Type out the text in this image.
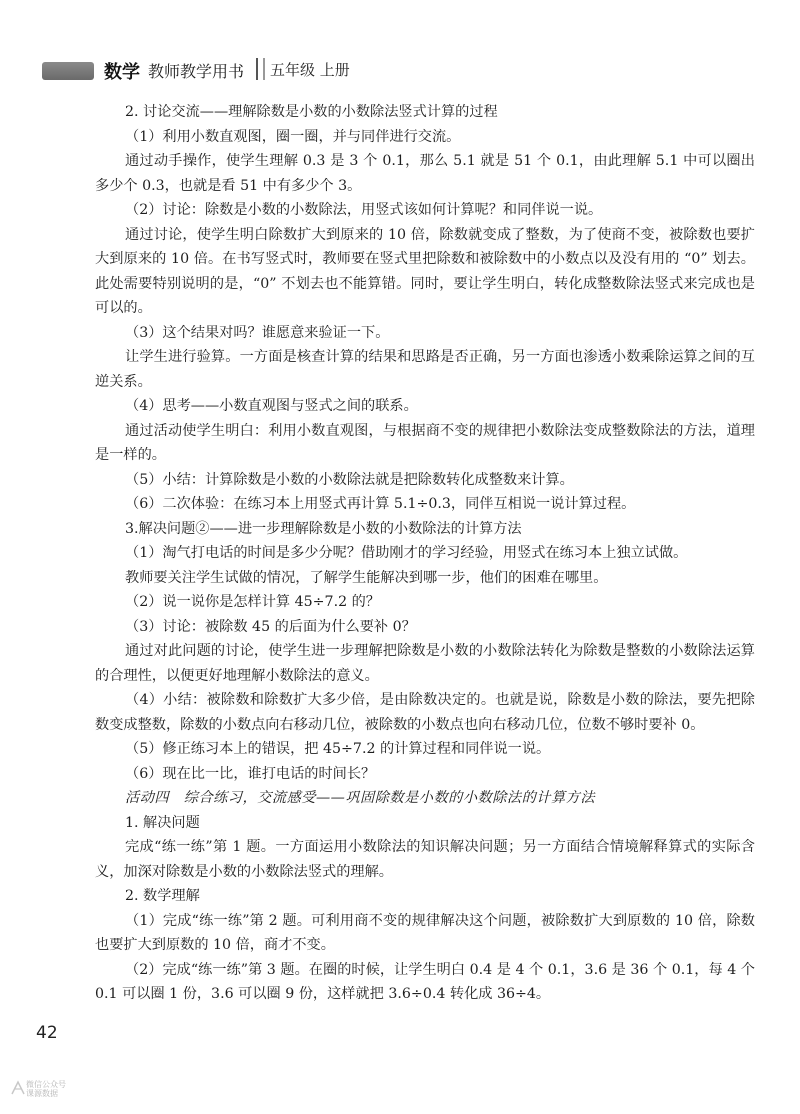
数学 教师教学用书 五年级 上册

2. 讨论交流——理解除数是小数的小数除法竖式计算的过程

（1）利用小数直观图，圈一圈，并与同伴进行交流。

通过动手操作，使学生理解 0.3 是 3 个 0.1，那么 5.1 就是 51 个 0.1，由此理解 5.1 中可以圈出多少个 0.3，也就是看 51 中有多少个 3。

（2）讨论：除数是小数的小数除法，用竖式该如何计算呢？和同伴说一说。

通过讨论，使学生明白除数扩大到原来的 10 倍，除数就变成了整数，为了使商不变，被除数也要扩大到原来的 10 倍。在书写竖式时，教师要在竖式里把除数和被除数中的小数点以及没有用的 “0” 划去。此处需要特别说明的是，“0” 不划去也不能算错。同时，要让学生明白，转化成整数除法竖式来完成也是可以的。

（3）这个结果对吗？谁愿意来验证一下。

让学生进行验算。一方面是核查计算的结果和思路是否正确，另一方面也渗透小数乘除运算之间的互逆关系。

（4）思考——小数直观图与竖式之间的联系。

通过活动使学生明白：利用小数直观图，与根据商不变的规律把小数除法变成整数除法的方法，道理是一样的。

（5）小结：计算除数是小数的小数除法就是把除数转化成整数来计算。

（6）二次体验：在练习本上用竖式再计算 5.1÷0.3，同伴互相说一说计算过程。

3.解决问题②——进一步理解除数是小数的小数除法的计算方法

（1）淘气打电话的时间是多少分呢？借助刚才的学习经验，用竖式在练习本上独立试做。

教师要关注学生试做的情况，了解学生能解决到哪一步，他们的困难在哪里。

（2）说一说你是怎样计算 45÷7.2 的？

（3）讨论：被除数 45 的后面为什么要补 0？

通过对此问题的讨论，使学生进一步理解把除数是小数的小数除法转化为除数是整数的小数除法运算的合理性，以便更好地理解小数除法的意义。

（4）小结：被除数和除数扩大多少倍，是由除数决定的。也就是说，除数是小数的除法，要先把除数变成整数，除数的小数点向右移动几位，被除数的小数点也向右移动几位，位数不够时要补 0。

（5）修正练习本上的错误，把 45÷7.2 的计算过程和同伴说一说。

（6）现在比一比，谁打电话的时间长？

活动四　综合练习，交流感受——巩固除数是小数的小数除法的计算方法

1. 解决问题

完成“练一练”第 1 题。一方面运用小数除法的知识解决问题；另一方面结合情境解释算式的实际含义，加深对除数是小数的小数除法竖式的理解。

2. 数学理解

（1）完成“练一练”第 2 题。可利用商不变的规律解决这个问题，被除数扩大到原数的 10 倍，除数也要扩大到原数的 10 倍，商才不变。

（2）完成“练一练”第 3 题。在圈的时候，让学生明白 0.4 是 4 个 0.1，3.6 是 36 个 0.1，每 4 个 0.1 可以圈 1 份，3.6 可以圈 9 份，这样就把 3.6÷0.4 转化成 36÷4。

42
微信公众号
课源数据
